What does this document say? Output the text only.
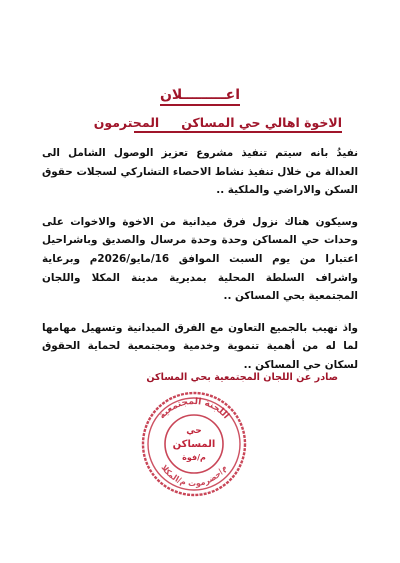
اعـــــــــلان
الاخوة اهالي حي المساكنالمحترمون

نفيدُ بانه سيتم تنفيذ مشروع تعزيز الوصول الشامل الى العدالة من خلال تنفيذ نشاط الاحصاء التشاركي لسجلات حقوق السكن والاراضي والملكية ..

وسيكون هناك نزول فرق ميدانية من الاخوة والاخوات على وحدات حي المساكن وحدة وحدة مرسال والصديق وباشراحيل اعتبارا من يوم السبت الموافق 16/مايو/2026م وبرعاية واشراف السلطة المحلية بمديرية مدينة المكلا واللجان المجتمعية بحي المساكن ..

واذ نهيب بالجميع التعاون مع الفرق الميدانية وتسهيل مهامها لما له من أهمية تنموية وخدمية ومجتمعية لحماية الحقوق لسكان حي المساكن ..

صادر عن اللجان المجتمعية بحي المساكن
اللجنة المجتمعية
م/حضرموت م/المكلا
حي
المساكن
م/فوة
